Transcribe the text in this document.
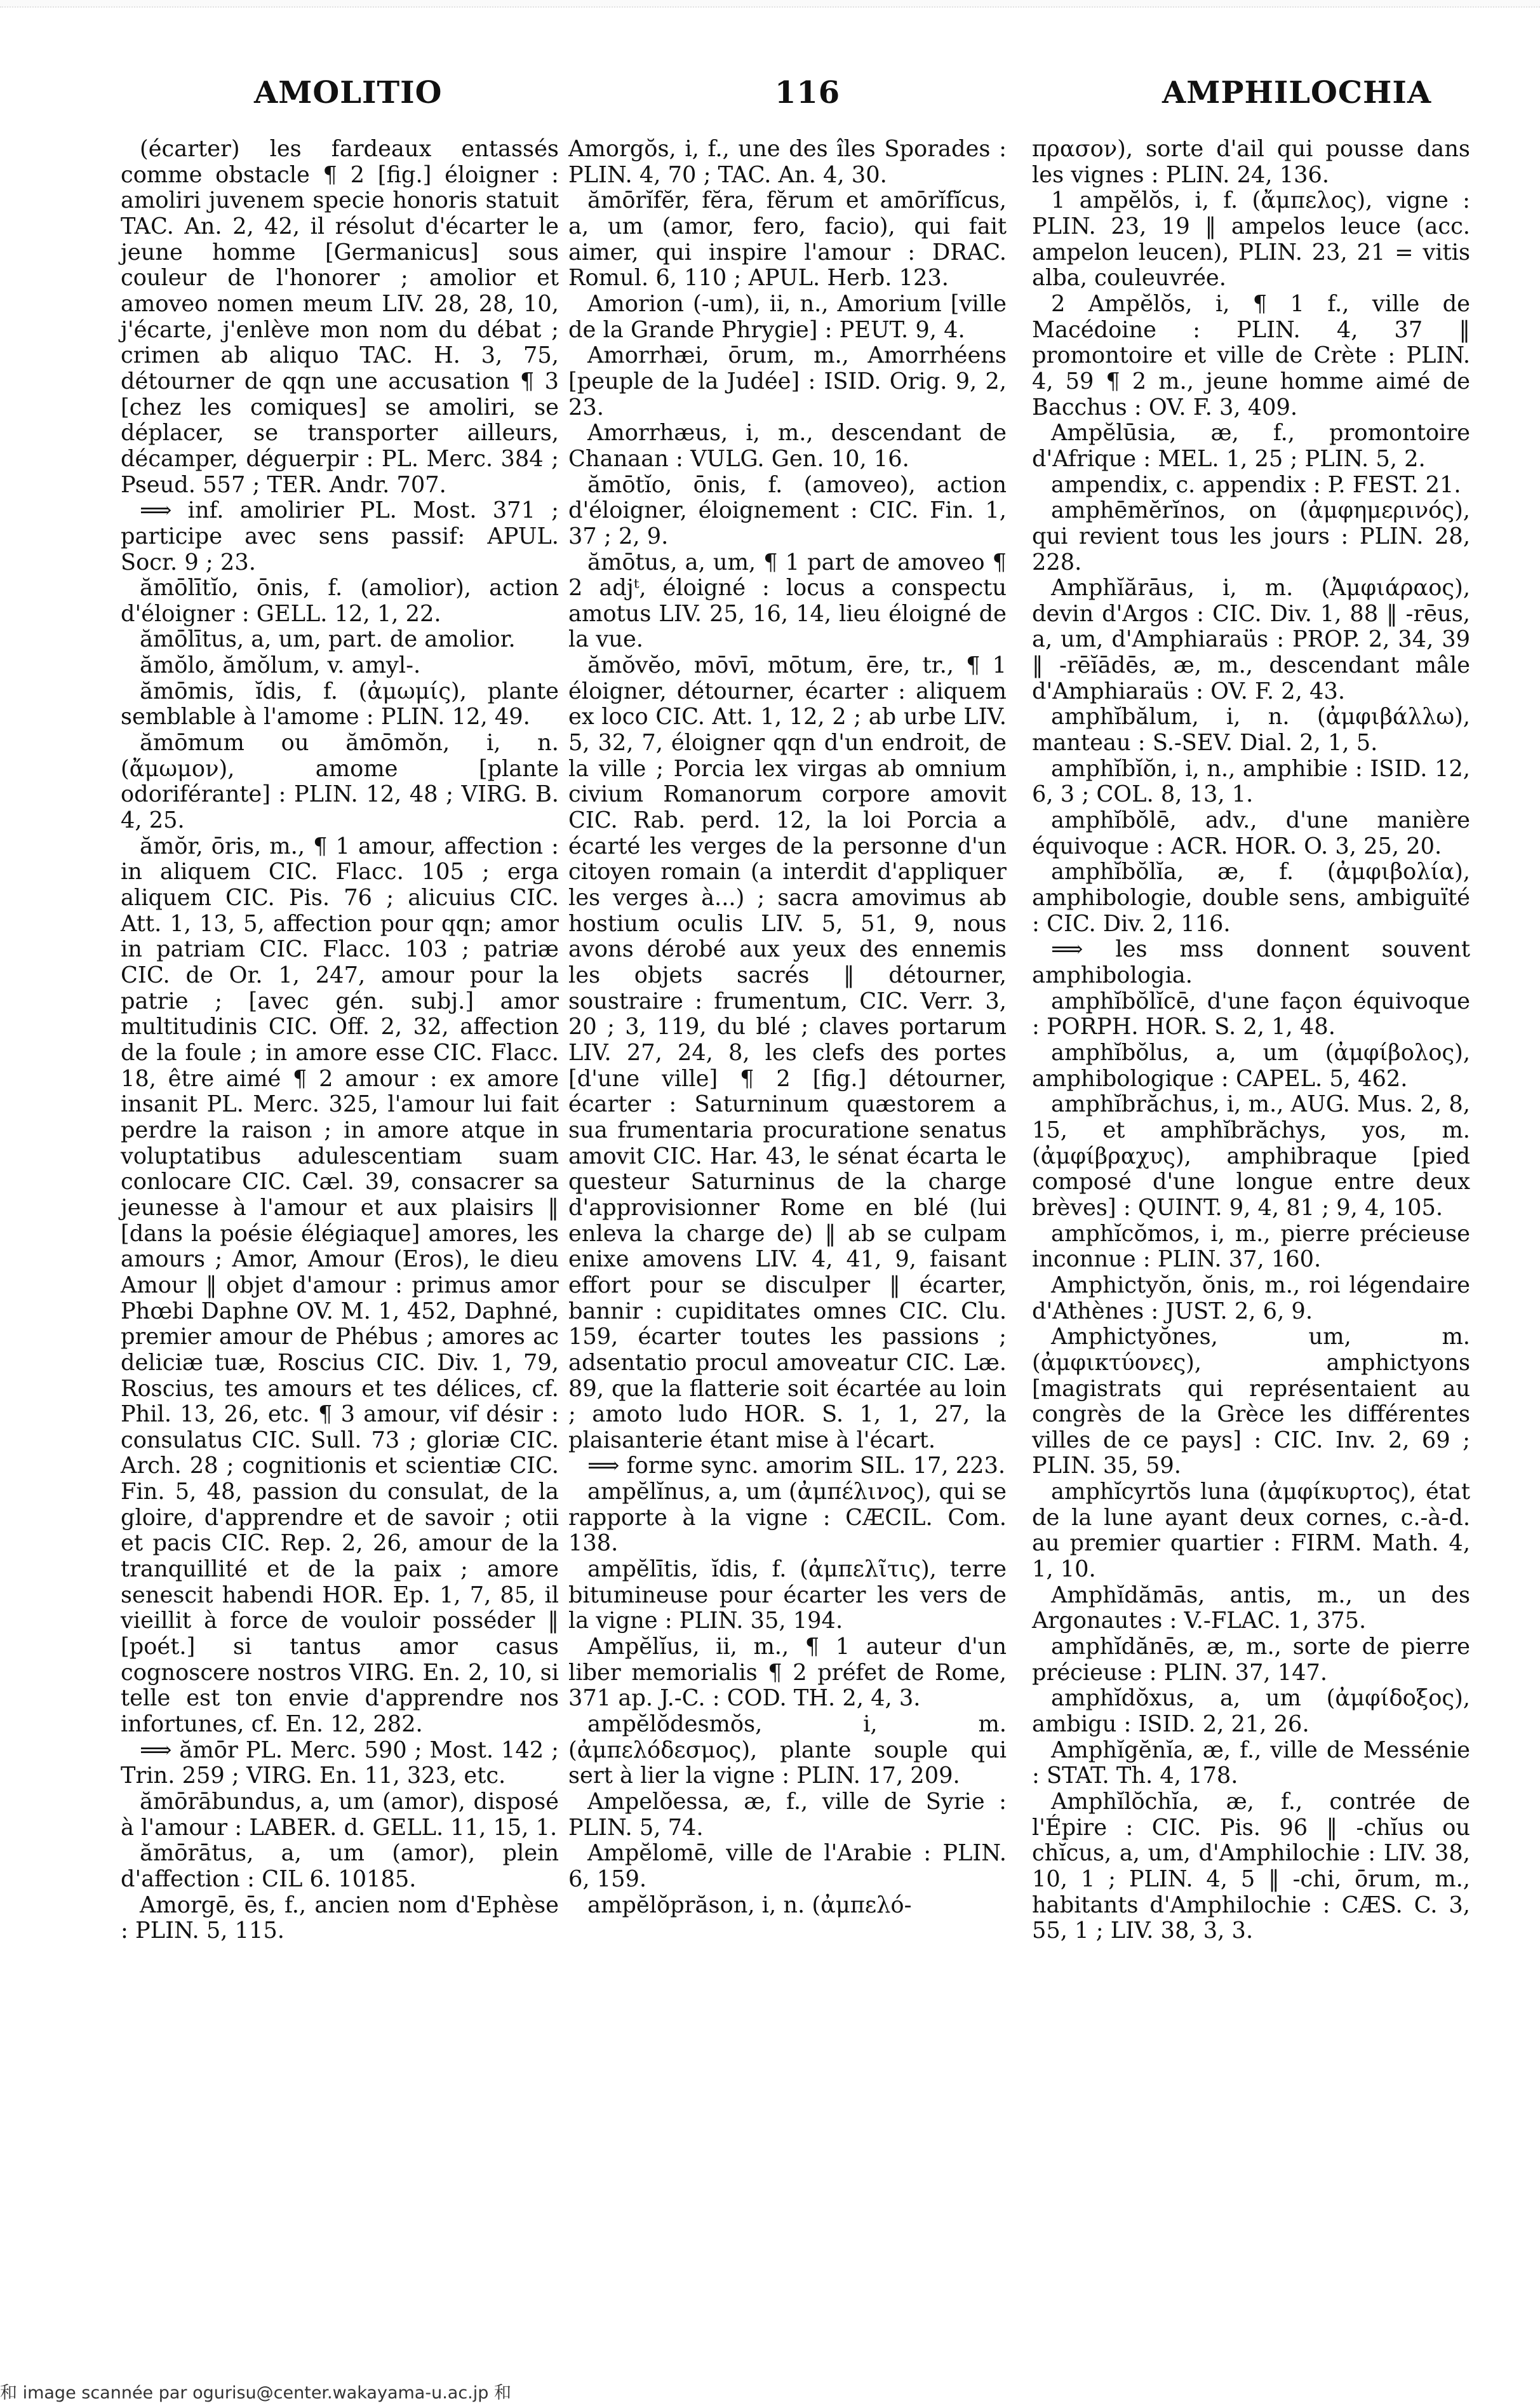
AMOLITIO	116	AMPHILOCHIA

(écarter) les fardeaux entassés comme obstacle ¶ 2 [fig.] éloigner : amoliri juvenem specie honoris statuit TAC. An. 2, 42, il résolut d'écarter le jeune homme [Germanicus] sous couleur de l'honorer ; amolior et amoveo nomen meum LIV. 28, 28, 10, j'écarte, j'enlève mon nom du débat ; crimen ab aliquo TAC. H. 3, 75, détourner de qqn une accusation ¶ 3 [chez les comiques] se amoliri, se déplacer, se transporter ailleurs, décamper, déguerpir : PL. Merc. 384 ; Pseud. 557 ; TER. Andr. 707.

⟹ inf. amolirier PL. Most. 371 ; participe avec sens passif: APUL. Socr. 9 ; 23.

ămōlītĭo, ōnis, f. (amolior), action d'éloigner : GELL. 12, 1, 22.

ămōlītus, a, um, part. de amolior.

ămŏlo, ămŏlum, v. amyl-.

ămōmis, ĭdis, f. (ἀμωμίς), plante semblable à l'amome : PLIN. 12, 49.

ămōmum ou ămōmŏn, i, n. (ἄμωμον), amome [plante odoriférante] : PLIN. 12, 48 ; VIRG. B. 4, 25.

ămŏr, ōris, m., ¶ 1 amour, affection : in aliquem CIC. Flacc. 105 ; erga aliquem CIC. Pis. 76 ; alicuius CIC. Att. 1, 13, 5, affection pour qqn; amor in patriam CIC. Flacc. 103 ; patriæ CIC. de Or. 1, 247, amour pour la patrie ; [avec gén. subj.] amor multitudinis CIC. Off. 2, 32, affection de la foule ; in amore esse CIC. Flacc. 18, être aimé ¶ 2 amour : ex amore insanit PL. Merc. 325, l'amour lui fait perdre la raison ; in amore atque in voluptatibus adulescentiam suam conlocare CIC. Cæl. 39, consacrer sa jeunesse à l'amour et aux plaisirs ‖ [dans la poésie élégiaque] amores, les amours ; Amor, Amour (Eros), le dieu Amour ‖ objet d'amour : primus amor Phœbi Daphne OV. M. 1, 452, Daphné, premier amour de Phébus ; amores ac deliciæ tuæ, Roscius CIC. Div. 1, 79, Roscius, tes amours et tes délices, cf. Phil. 13, 26, etc. ¶ 3 amour, vif désir : consulatus CIC. Sull. 73 ; gloriæ CIC. Arch. 28 ; cognitionis et scientiæ CIC. Fin. 5, 48, passion du consulat, de la gloire, d'apprendre et de savoir ; otii et pacis CIC. Rep. 2, 26, amour de la tranquillité et de la paix ; amore senescit habendi HOR. Ep. 1, 7, 85, il vieillit à force de vouloir posséder ‖ [poét.] si tantus amor casus cognoscere nostros VIRG. En. 2, 10, si telle est ton envie d'apprendre nos infortunes, cf. En. 12, 282.

⟹ ămōr PL. Merc. 590 ; Most. 142 ; Trin. 259 ; VIRG. En. 11, 323, etc.

ămōrābundus, a, um (amor), disposé à l'amour : LABER. d. GELL. 11, 15, 1.

ămōrātus, a, um (amor), plein d'affection : CIL 6. 10185.

Amorgē, ēs, f., ancien nom d'Ephèse : PLIN. 5, 115.

Amorgŏs, i, f., une des îles Sporades : PLIN. 4, 70 ; TAC. An. 4, 30.

ămōrĭfĕr, fĕra, fĕrum et amōrĭfĭcus, a, um (amor, fero, facio), qui fait aimer, qui inspire l'amour : DRAC. Romul. 6, 110 ; APUL. Herb. 123.

Amorion (-um), ii, n., Amorium [ville de la Grande Phrygie] : PEUT. 9, 4.

Amorrhæi, ōrum, m., Amorrhéens [peuple de la Judée] : ISID. Orig. 9, 2, 23.

Amorrhæus, i, m., descendant de Chanaan : VULG. Gen. 10, 16.

ămōtĭo, ōnis, f. (amoveo), action d'éloigner, éloignement : CIC. Fin. 1, 37 ; 2, 9.

ămōtus, a, um, ¶ 1 part de amoveo ¶ 2 adjᵗ, éloigné : locus a conspectu amotus LIV. 25, 16, 14, lieu éloigné de la vue.

ămŏvĕo, mōvī, mōtum, ēre, tr., ¶ 1 éloigner, détourner, écarter : aliquem ex loco CIC. Att. 1, 12, 2 ; ab urbe LIV. 5, 32, 7, éloigner qqn d'un endroit, de la ville ; Porcia lex virgas ab omnium civium Romanorum corpore amovit CIC. Rab. perd. 12, la loi Porcia a écarté les verges de la personne d'un citoyen romain (a interdit d'appliquer les verges à...) ; sacra amovimus ab hostium oculis LIV. 5, 51, 9, nous avons dérobé aux yeux des ennemis les objets sacrés ‖ détourner, soustraire : frumentum, CIC. Verr. 3, 20 ; 3, 119, du blé ; claves portarum LIV. 27, 24, 8, les clefs des portes [d'une ville] ¶ 2 [fig.] détourner, écarter : Saturninum quæstorem a sua frumentaria procuratione senatus amovit CIC. Har. 43, le sénat écarta le questeur Saturninus de la charge d'approvisionner Rome en blé (lui enleva la charge de) ‖ ab se culpam enixe amovens LIV. 4, 41, 9, faisant effort pour se disculper ‖ écarter, bannir : cupiditates omnes CIC. Clu. 159, écarter toutes les passions ; adsentatio procul amoveatur CIC. Læ. 89, que la flatterie soit écartée au loin ; amoto ludo HOR. S. 1, 1, 27, la plaisanterie étant mise à l'écart.

⟹ forme sync. amorim SIL. 17, 223.

ampĕlĭnus, a, um (ἀμπέλινος), qui se rapporte à la vigne : CÆCIL. Com. 138.

ampĕlītis, ĭdis, f. (ἀμπελῖτις), terre bitumineuse pour écarter les vers de la vigne : PLIN. 35, 194.

Ampĕlĭus, ii, m., ¶ 1 auteur d'un liber memorialis ¶ 2 préfet de Rome, 371 ap. J.-C. : COD. TH. 2, 4, 3.

ampĕlŏdesmŏs, i, m. (ἀμπελόδεσμος), plante souple qui sert à lier la vigne : PLIN. 17, 209.

Ampelŏessa, æ, f., ville de Syrie : PLIN. 5, 74.

Ampĕlomē, ville de l'Arabie : PLIN. 6, 159.

ampĕlŏprăson, i, n. (ἀμπελό-

πρασον), sorte d'ail qui pousse dans les vignes : PLIN. 24, 136.

1 ampĕlŏs, i, f. (ἄμπελος), vigne : PLIN. 23, 19 ‖ ampelos leuce (acc. ampelon leucen), PLIN. 23, 21 = vitis alba, couleuvrée.

2 Ampĕlŏs, i, ¶ 1 f., ville de Macédoine : PLIN. 4, 37 ‖ promontoire et ville de Crète : PLIN. 4, 59 ¶ 2 m., jeune homme aimé de Bacchus : OV. F. 3, 409.

Ampĕlūsia, æ, f., promontoire d'Afrique : MEL. 1, 25 ; PLIN. 5, 2.

ampendix, c. appendix : P. FEST. 21.

amphēmĕrĭnos, on (ἀμφημερινός), qui revient tous les jours : PLIN. 28, 228.

Amphĭărāus, i, m. (Ἀμφιάραος), devin d'Argos : CIC. Div. 1, 88 ‖ -rēus, a, um, d'Amphiaraüs : PROP. 2, 34, 39 ‖ -rēĭādēs, æ, m., descendant mâle d'Amphiaraüs : OV. F. 2, 43.

amphĭbălum, i, n. (ἀμφιβάλλω), manteau : S.-SEV. Dial. 2, 1, 5.

amphĭbĭŏn, i, n., amphibie : ISID. 12, 6, 3 ; COL. 8, 13, 1.

amphĭbŏlē, adv., d'une manière équivoque : ACR. HOR. O. 3, 25, 20.

amphĭbŏlĭa, æ, f. (ἀμφιβολία), amphibologie, double sens, ambiguïté : CIC. Div. 2, 116.

⟹ les mss donnent souvent amphibologia.

amphĭbŏlĭcē, d'une façon équivoque : PORPH. HOR. S. 2, 1, 48.

amphĭbŏlus, a, um (ἀμφίβολος), amphibologique : CAPEL. 5, 462.

amphĭbrăchus, i, m., AUG. Mus. 2, 8, 15, et amphĭbrăchys, yos, m. (ἀμφίβραχυς), amphibraque [pied composé d'une longue entre deux brèves] : QUINT. 9, 4, 81 ; 9, 4, 105.

amphĭcŏmos, i, m., pierre précieuse inconnue : PLIN. 37, 160.

Amphictyŏn, ŏnis, m., roi légendaire d'Athènes : JUST. 2, 6, 9.

Amphictyŏnes, um, m. (ἀμφικτύονες), amphictyons [magistrats qui représentaient au congrès de la Grèce les différentes villes de ce pays] : CIC. Inv. 2, 69 ; PLIN. 35, 59.

amphĭcyrtŏs luna (ἀμφίκυρτος), état de la lune ayant deux cornes, c.-à-d. au premier quartier : FIRM. Math. 4, 1, 10.

Amphĭdămās, antis, m., un des Argonautes : V.-FLAC. 1, 375.

amphĭdănēs, æ, m., sorte de pierre précieuse : PLIN. 37, 147.

amphĭdŏxus, a, um (ἀμφίδοξος), ambigu : ISID. 2, 21, 26.

Amphĭgĕnĭa, æ, f., ville de Messénie : STAT. Th. 4, 178.

Amphĭlŏchĭa, æ, f., contrée de l'Épire : CIC. Pis. 96 ‖ -chĭus ou chĭcus, a, um, d'Amphilochie : LIV. 38, 10, 1 ; PLIN. 4, 5 ‖ -chi, ōrum, m., habitants d'Amphilochie : CÆS. C. 3, 55, 1 ; LIV. 38, 3, 3.

和 image scannée par ogurisu@center.wakayama-u.ac.jp 和
